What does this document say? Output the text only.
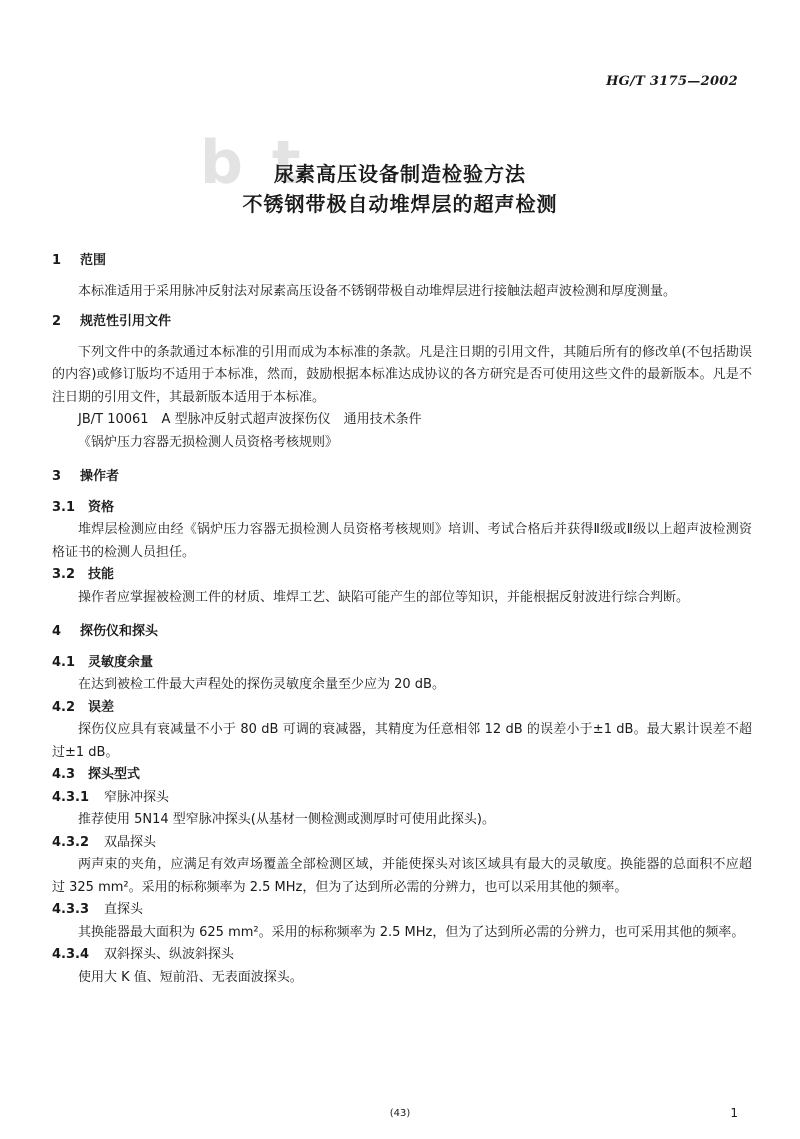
HG/T 3175—2002
b t
尿素高压设备制造检验方法
不锈钢带极自动堆焊层的超声检测
1 范围

本标准适用于采用脉冲反射法对尿素高压设备不锈钢带极自动堆焊层进行接触法超声波检测和厚度测量。

2 规范性引用文件

下列文件中的条款通过本标准的引用而成为本标准的条款。凡是注日期的引用文件，其随后所有的修改单(不包括勘误的内容)或修订版均不适用于本标准，然而，鼓励根据本标准达成协议的各方研究是否可使用这些文件的最新版本。凡是不注日期的引用文件，其最新版本适用于本标准。

JB/T 10061　A 型脉冲反射式超声波探伤仪　通用技术条件

《锅炉压力容器无损检测人员资格考核规则》

3 操作者
3.1 资格

堆焊层检测应由经《锅炉压力容器无损检测人员资格考核规则》培训、考试合格后并获得Ⅱ级或Ⅱ级以上超声波检测资格证书的检测人员担任。

3.2 技能

操作者应掌握被检测工件的材质、堆焊工艺、缺陷可能产生的部位等知识，并能根据反射波进行综合判断。

4 探伤仪和探头
4.1 灵敏度余量

在达到被检工件最大声程处的探伤灵敏度余量至少应为 20 dB。

4.2 误差

探伤仪应具有衰减量不小于 80 dB 可调的衰减器，其精度为任意相邻 12 dB 的误差小于±1 dB。最大累计误差不超过±1 dB。

4.3 探头型式
4.3.1 窄脉冲探头

推荐使用 5N14 型窄脉冲探头(从基材一侧检测或测厚时可使用此探头)。

4.3.2 双晶探头

两声束的夹角，应满足有效声场覆盖全部检测区域，并能使探头对该区域具有最大的灵敏度。换能器的总面积不应超过 325 mm²。采用的标称频率为 2.5 MHz，但为了达到所必需的分辨力，也可以采用其他的频率。

4.3.3 直探头

其换能器最大面积为 625 mm²。采用的标称频率为 2.5 MHz，但为了达到所必需的分辨力，也可采用其他的频率。

4.3.4 双斜探头、纵波斜探头

使用大 K 值、短前沿、无表面波探头。

(43)	1
